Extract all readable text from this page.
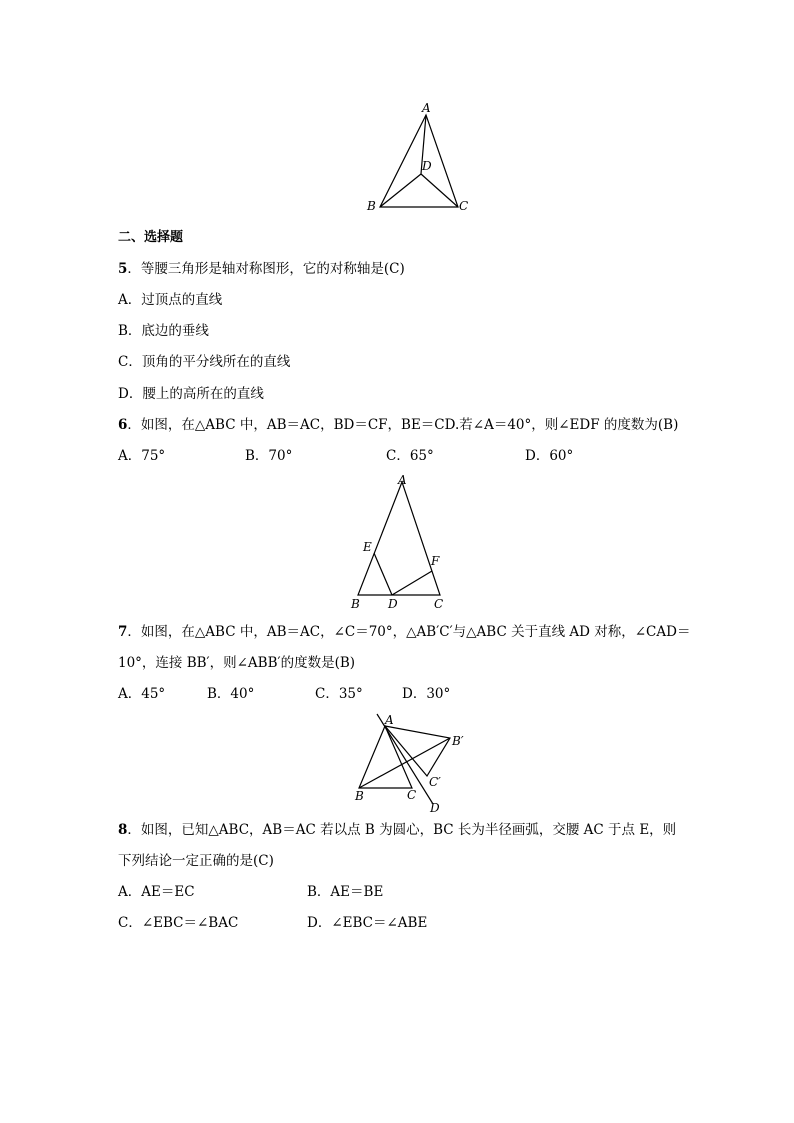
A
D
B	C
二、选择题
5．等腰三角形是轴对称图形，它的对称轴是(C)
A．过顶点的直线
B．底边的垂线
C．顶角的平分线所在的直线
D．腰上的高所在的直线
6．如图，在△ABC 中，AB＝AC，BD＝CF，BE＝CD.若∠A＝40°，则∠EDF 的度数为(B)
A．75°	B．70°	C．65°	D．60°
A
E
F
B D	C
7．如图，在△ABC 中，AB＝AC，∠C＝70°，△AB′C′与△ABC 关于直线 AD 对称，∠CAD＝
10°，连接 BB′，则∠ABB′的度数是(B)
A．45°	B．40°	C．35°	D．30°
A
B′
C′
B	C
D
8．如图，已知△ABC，AB＝AC 若以点 B 为圆心，BC 长为半径画弧，交腰 AC 于点 E，则
下列结论一定正确的是(C)
A．AE＝EC	B．AE＝BE
C．∠EBC＝∠BAC	D．∠EBC＝∠ABE
